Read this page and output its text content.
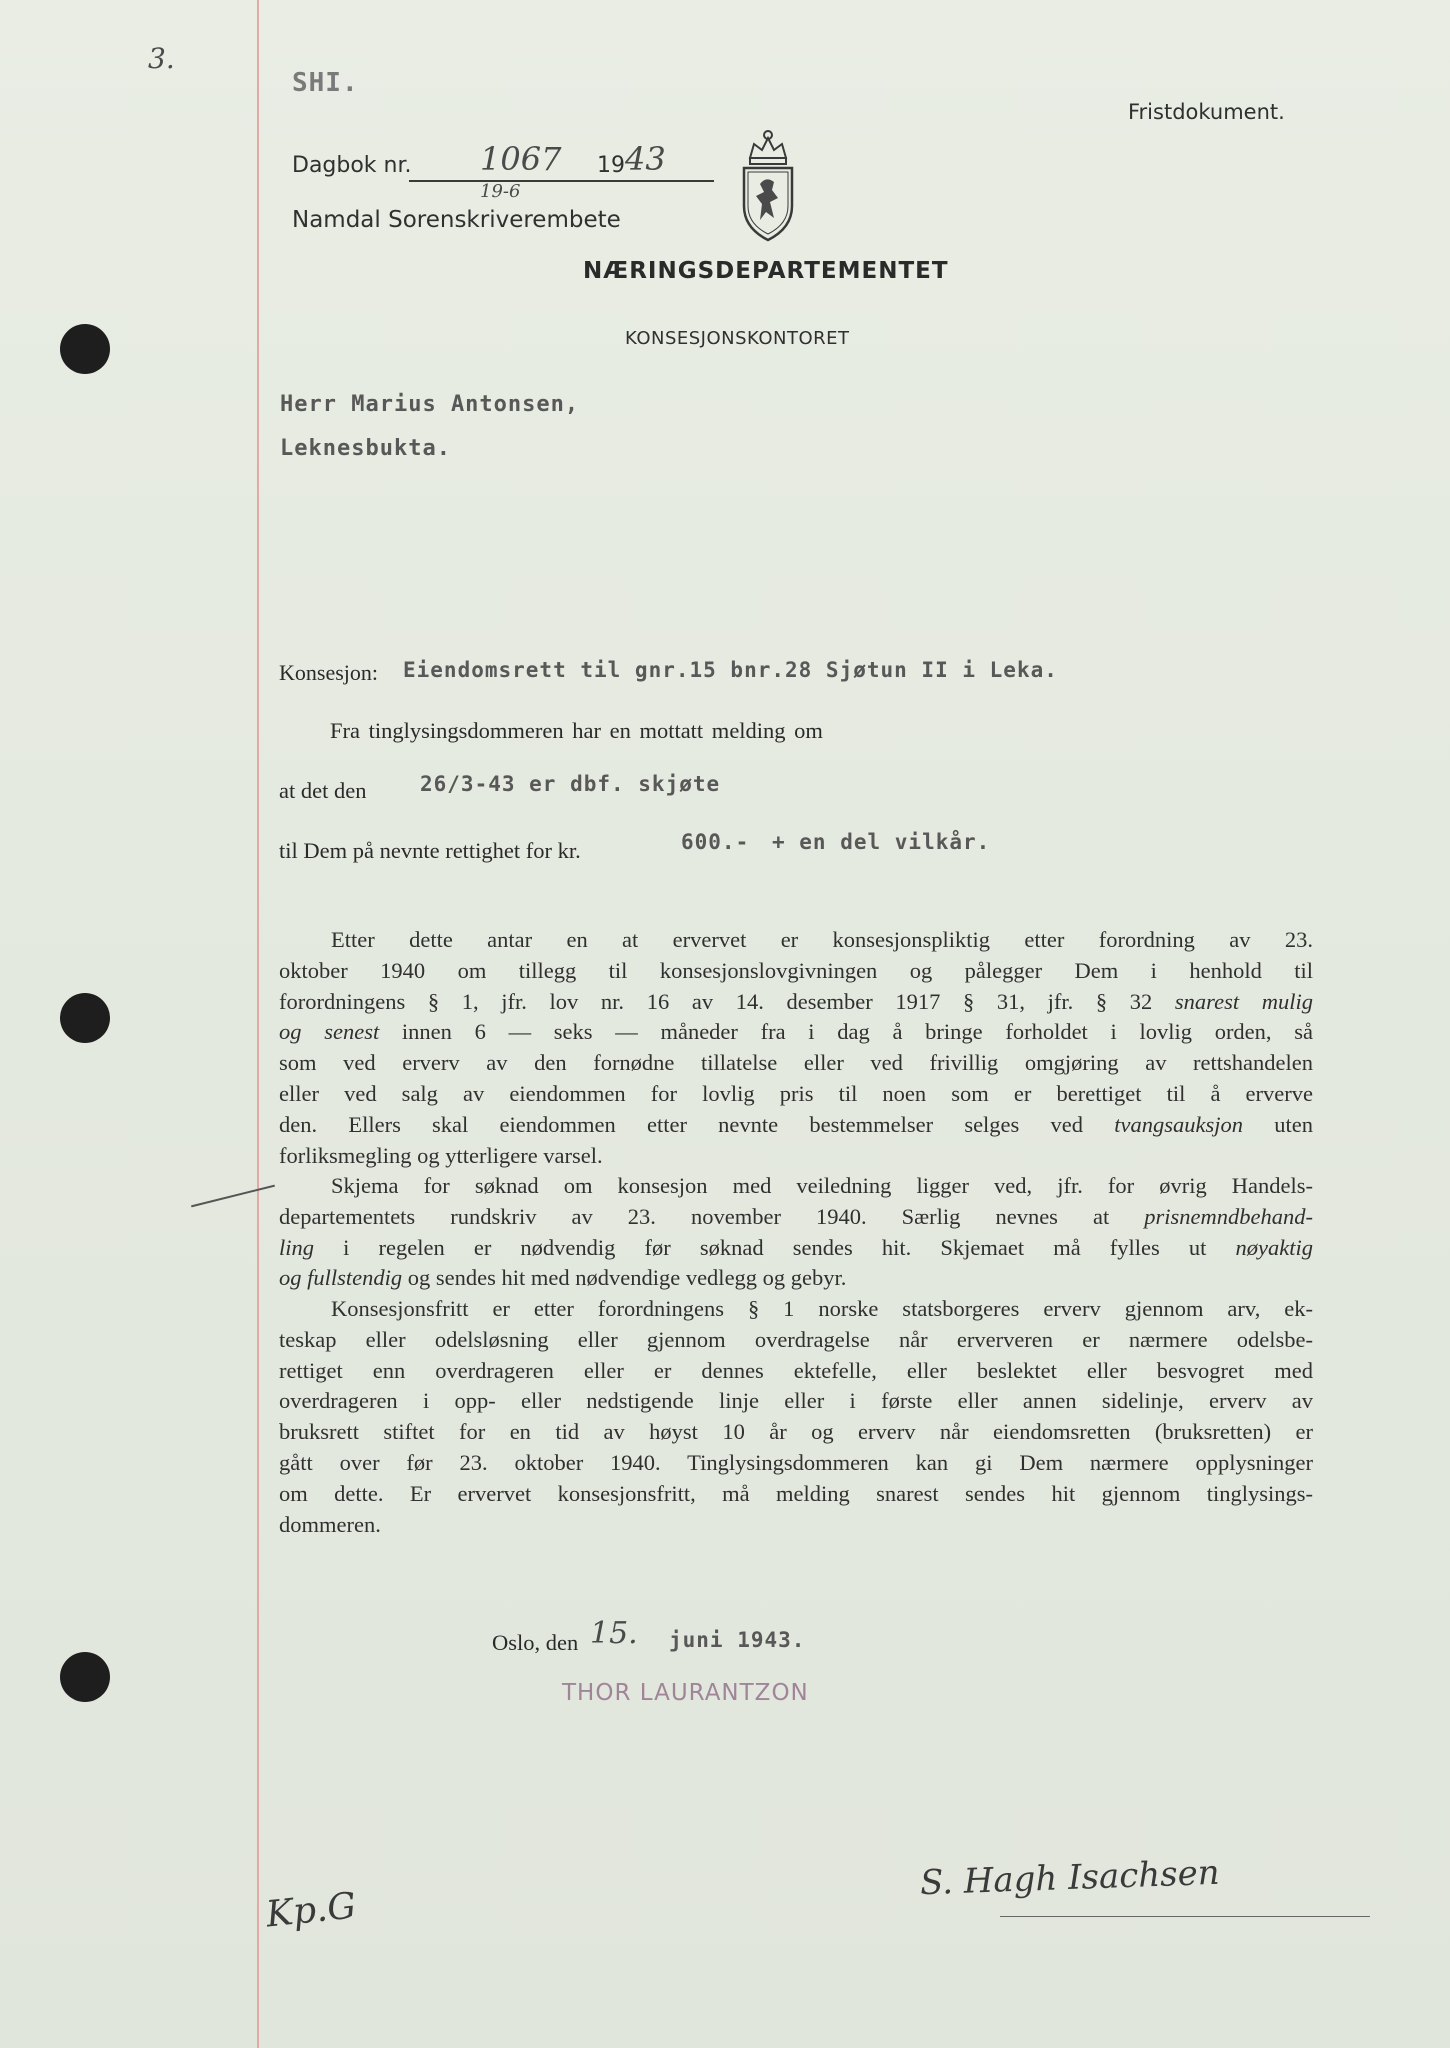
3.
SHI.
Fristdokument.
Dagbok nr. 1067 19 43
19-6
Namdal Sorenskriverembete
NÆRINGSDEPARTEMENTET
KONSESJONSKONTORET
Herr Marius Antonsen,
Leknesbukta.
Konsesjon: Eiendomsrett til gnr.15 bnr.28 Sjøtun II i Leka.
Fra tinglysingsdommeren har en mottatt melding om
at det den	26/3-43 er dbf. skjøte
til Dem på nevnte rettighet for kr.	600.- + en del vilkår.
Etter dette antar en at ervervet er konsesjonspliktig etter forordning av 23.
oktober 1940 om tillegg til konsesjonslovgivningen og pålegger Dem i henhold til
forordningens § 1, jfr. lov nr. 16 av 14. desember 1917 § 31, jfr. § 32 snarest mulig
og senest innen 6 — seks — måneder fra i dag å bringe forholdet i lovlig orden, så
som ved erverv av den fornødne tillatelse eller ved frivillig omgjøring av rettshandelen
eller ved salg av eiendommen for lovlig pris til noen som er berettiget til å erverve
den. Ellers skal eiendommen etter nevnte bestemmelser selges ved tvangsauksjon uten
forliksmegling og ytterligere varsel.
Skjema for søknad om konsesjon med veiledning ligger ved, jfr. for øvrig Handels-
departementets rundskriv av 23. november 1940. Særlig nevnes at prisnemndbehand-
ling i regelen er nødvendig før søknad sendes hit. Skjemaet må fylles ut nøyaktig
og fullstendig og sendes hit med nødvendige vedlegg og gebyr.
Konsesjonsfritt er etter forordningens § 1 norske statsborgeres erverv gjennom arv, ek-
teskap eller odelsløsning eller gjennom overdragelse når erververen er nærmere odelsbe-
rettiget enn overdrageren eller er dennes ektefelle, eller beslektet eller besvogret med
overdrageren i opp- eller nedstigende linje eller i første eller annen sidelinje, erverv av
bruksrett stiftet for en tid av høyst 10 år og erverv når eiendomsretten (bruksretten) er
gått over før 23. oktober 1940. Tinglysingsdommeren kan gi Dem nærmere opplysninger
om dette. Er ervervet konsesjonsfritt, må melding snarest sendes hit gjennom tinglysings-
dommeren.
Oslo, den 15. juni 1943.
THOR LAURANTZON
S. Hagh Isachsen
Kp.G
